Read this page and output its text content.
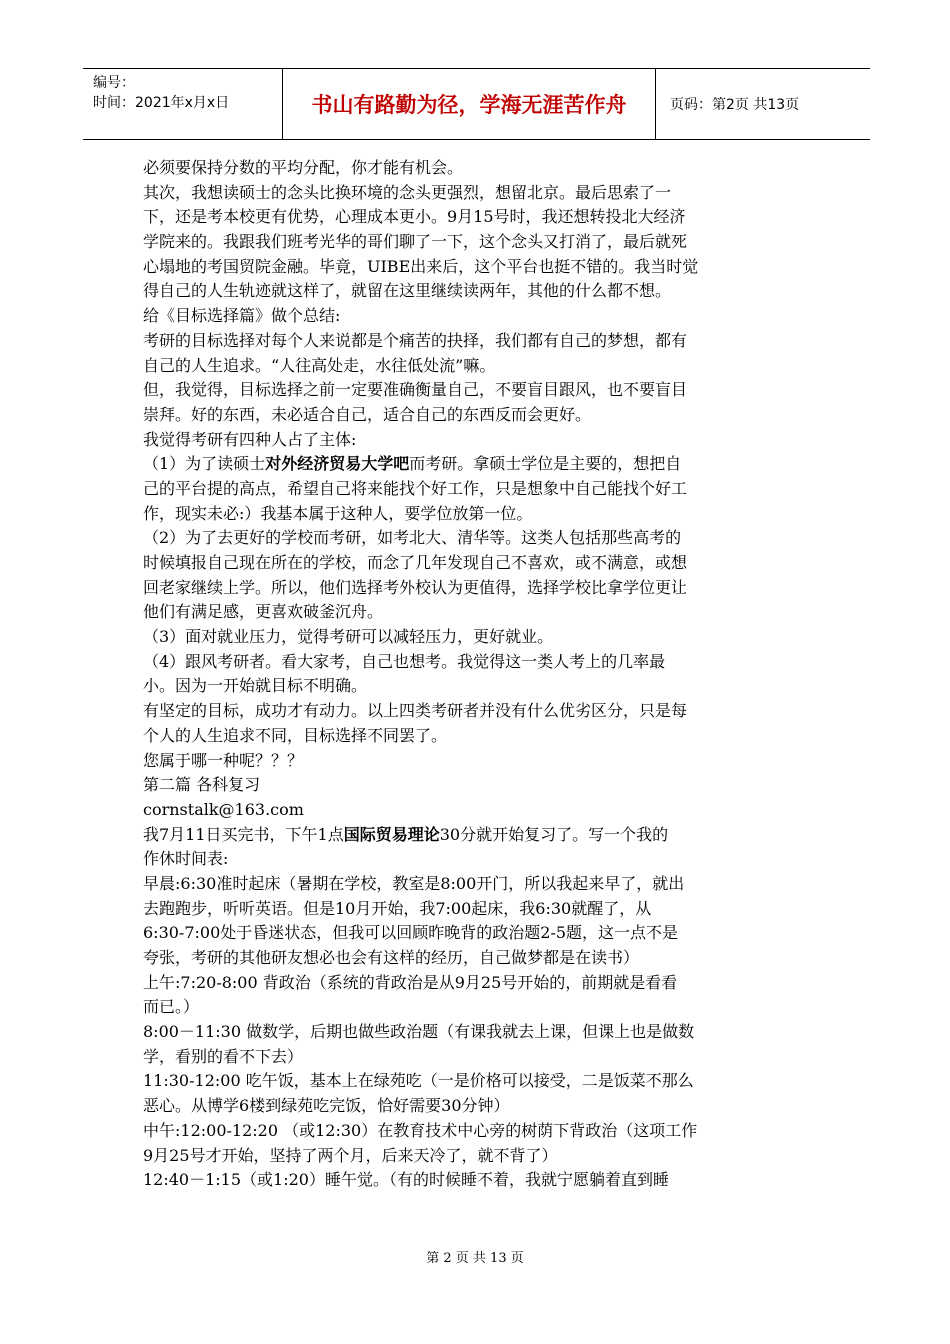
编号：
时间：2021年x月x日	书山有路勤为径，学海无涯苦作舟	页码：第2页 共13页
必须要保持分数的平均分配，你才能有机会。
其次，我想读硕士的念头比换环境的念头更强烈，想留北京。最后思索了一
下，还是考本校更有优势，心理成本更小。9月15号时，我还想转投北大经济
学院来的。我跟我们班考光华的哥们聊了一下，这个念头又打消了，最后就死
心塌地的考国贸院金融。毕竟，UIBE出来后，这个平台也挺不错的。我当时觉
得自己的人生轨迹就这样了，就留在这里继续读两年，其他的什么都不想。
给《目标选择篇》做个总结:
考研的目标选择对每个人来说都是个痛苦的抉择，我们都有自己的梦想，都有
自己的人生追求。“人往高处走，水往低处流”嘛。
但，我觉得，目标选择之前一定要准确衡量自己，不要盲目跟风，也不要盲目
崇拜。好的东西，未必适合自己，适合自己的东西反而会更好。
我觉得考研有四种人占了主体:
（1）为了读硕士对外经济贸易大学吧而考研。拿硕士学位是主要的，想把自
己的平台提的高点，希望自己将来能找个好工作，只是想象中自己能找个好工
作，现实未必:）我基本属于这种人，要学位放第一位。
（2）为了去更好的学校而考研，如考北大、清华等。这类人包括那些高考的
时候填报自己现在所在的学校，而念了几年发现自己不喜欢，或不满意，或想
回老家继续上学。所以，他们选择考外校认为更值得，选择学校比拿学位更让
他们有满足感，更喜欢破釜沉舟。
（3）面对就业压力，觉得考研可以减轻压力，更好就业。
（4）跟风考研者。看大家考，自己也想考。我觉得这一类人考上的几率最
小。因为一开始就目标不明确。
有坚定的目标，成功才有动力。以上四类考研者并没有什么优劣区分，只是每
个人的人生追求不同，目标选择不同罢了。
您属于哪一种呢？？？
第二篇 各科复习
cornstalk@163.com
我7月11日买完书，下午1点国际贸易理论30分就开始复习了。写一个我的
作休时间表:
早晨:6:30准时起床（暑期在学校，教室是8:00开门，所以我起来早了，就出
去跑跑步，听听英语。但是10月开始，我7:00起床，我6:30就醒了，从
6:30-7:00处于昏迷状态，但我可以回顾昨晚背的政治题2-5题，这一点不是
夸张，考研的其他研友想必也会有这样的经历，自己做梦都是在读书）
上午:7:20-8:00 背政治（系统的背政治是从9月25号开始的，前期就是看看
而已。）
8:00－11:30 做数学，后期也做些政治题（有课我就去上课，但课上也是做数
学，看别的看不下去）
11:30-12:00 吃午饭，基本上在绿苑吃（一是价格可以接受，二是饭菜不那么
恶心。从博学6楼到绿苑吃完饭，恰好需要30分钟）
中午:12:00-12:20 （或12:30）在教育技术中心旁的树荫下背政治（这项工作
9月25号才开始，坚持了两个月，后来天冷了，就不背了）
12:40－1:15（或1:20）睡午觉。（有的时候睡不着，我就宁愿躺着直到睡
第 2 页 共 13 页
